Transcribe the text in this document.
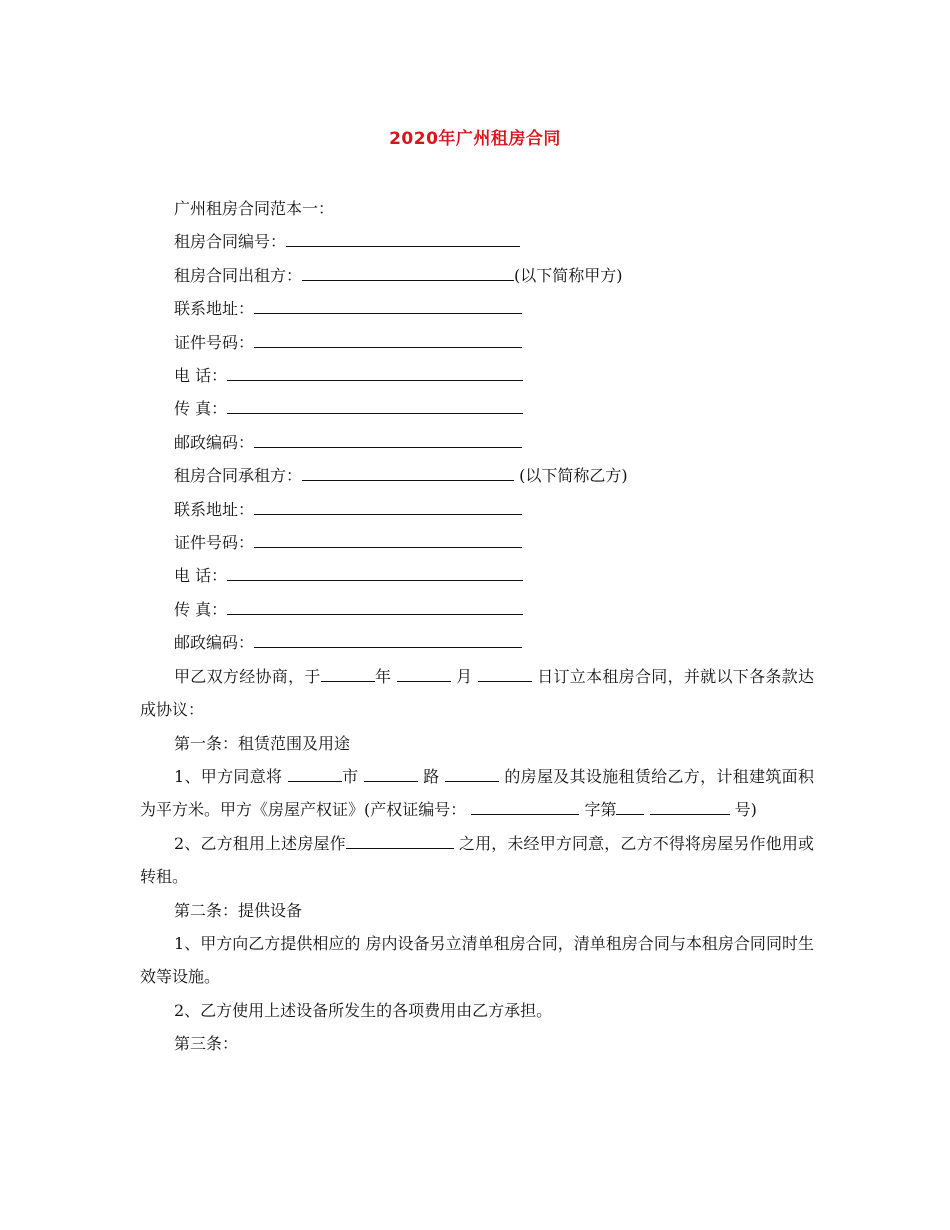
2020年广州租房合同

广州租房合同范本一：

租房合同编号：

租房合同出租方：	(以下简称甲方)

联系地址：

证件号码：

电 话：

传 真：

邮政编码：

租房合同承租方：	(以下简称乙方)

联系地址：

证件号码：

电 话：

传 真：

邮政编码：

甲乙双方经协商，于	年	月	日订立本租房合同，并就以下各条款达成协议：

第一条：租赁范围及用途

1、甲方同意将	市	路	的房屋及其设施租赁给乙方，计租建筑面积为平方米。甲方《房屋产权证》(产权证编号：	字第	号)

2、乙方租用上述房屋作	之用，未经甲方同意，乙方不得将房屋另作他用或转租。

第二条：提供设备

1、甲方向乙方提供相应的 房内设备另立清单租房合同，清单租房合同与本租房合同同时生效等设施。

2、乙方使用上述设备所发生的各项费用由乙方承担。

第三条：
